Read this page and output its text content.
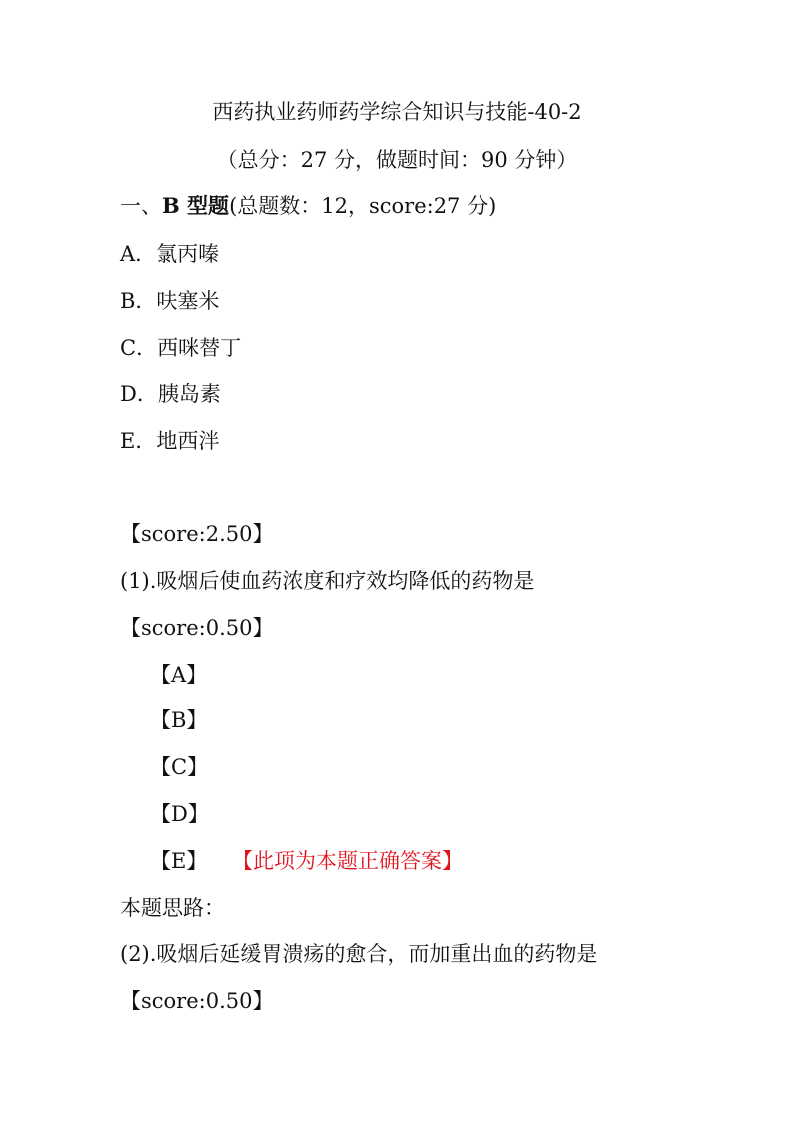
西药执业药师药学综合知识与技能-40-2
（总分：27 分，做题时间：90 分钟）
一、B 型题(总题数：12，score:27 分)
A．氯丙嗪
B．呋塞米
C．西咪替丁
D．胰岛素
E．地西泮
【score:2.50】
(1).吸烟后使血药浓度和疗效均降低的药物是
【score:0.50】
【A】
【B】
【C】
【D】
【E】 【此项为本题正确答案】
本题思路：
(2).吸烟后延缓胃溃疡的愈合，而加重出血的药物是
【score:0.50】
